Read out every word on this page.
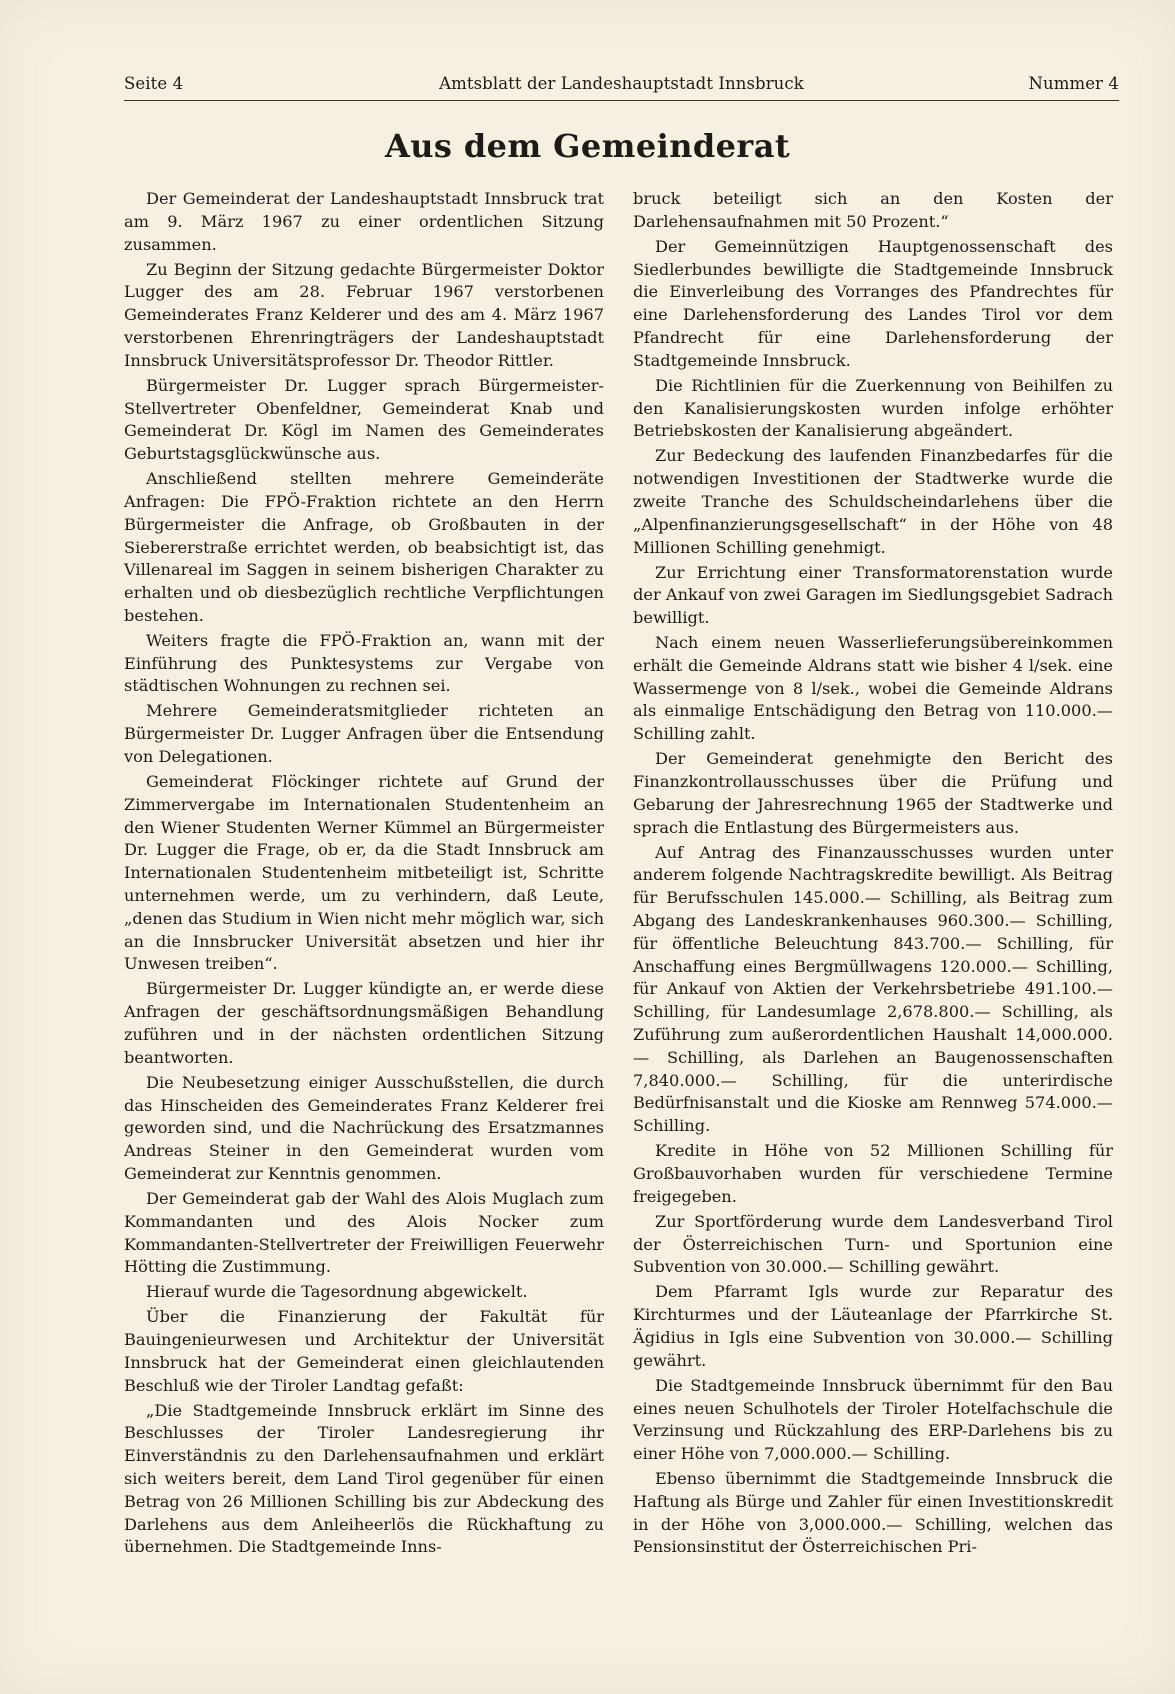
Seite 4	Amtsblatt der Landeshauptstadt Innsbruck	Nummer 4
Aus dem Gemeinderat

Der Gemeinderat der Landeshauptstadt Innsbruck trat am 9. März 1967 zu einer ordentlichen Sitzung zusammen.

Zu Beginn der Sitzung gedachte Bürgermeister Doktor Lugger des am 28. Februar 1967 verstorbenen Gemeinderates Franz Kelderer und des am 4. März 1967 verstorbenen Ehrenringträgers der Landeshauptstadt Innsbruck Universitätsprofessor Dr. Theodor Rittler.

Bürgermeister Dr. Lugger sprach Bürgermeister-Stellvertreter Obenfeldner, Gemeinderat Knab und Gemeinderat Dr. Kögl im Namen des Gemeinderates Geburtstagsglückwünsche aus.

Anschließend stellten mehrere Gemeinderäte Anfragen: Die FPÖ-Fraktion richtete an den Herrn Bürgermeister die Anfrage, ob Großbauten in der Siebererstraße errichtet werden, ob beabsichtigt ist, das Villenareal im Saggen in seinem bisherigen Charakter zu erhalten und ob diesbezüglich rechtliche Verpflichtungen bestehen.

Weiters fragte die FPÖ-Fraktion an, wann mit der Einführung des Punktesystems zur Vergabe von städtischen Wohnungen zu rechnen sei.

Mehrere Gemeinderatsmitglieder richteten an Bürgermeister Dr. Lugger Anfragen über die Entsendung von Delegationen.

Gemeinderat Flöckinger richtete auf Grund der Zimmervergabe im Internationalen Studentenheim an den Wiener Studenten Werner Kümmel an Bürgermeister Dr. Lugger die Frage, ob er, da die Stadt Innsbruck am Internationalen Studentenheim mitbeteiligt ist, Schritte unternehmen werde, um zu verhindern, daß Leute, „denen das Studium in Wien nicht mehr möglich war, sich an die Innsbrucker Universität absetzen und hier ihr Unwesen treiben“.

Bürgermeister Dr. Lugger kündigte an, er werde diese Anfragen der geschäftsordnungsmäßigen Behandlung zuführen und in der nächsten ordentlichen Sitzung beantworten.

Die Neubesetzung einiger Ausschußstellen, die durch das Hinscheiden des Gemeinderates Franz Kelderer frei geworden sind, und die Nachrückung des Ersatzmannes Andreas Steiner in den Gemeinderat wurden vom Gemeinderat zur Kenntnis genommen.

Der Gemeinderat gab der Wahl des Alois Muglach zum Kommandanten und des Alois Nocker zum Kommandanten-Stellvertreter der Freiwilligen Feuerwehr Hötting die Zustimmung.

Hierauf wurde die Tagesordnung abgewickelt.

Über die Finanzierung der Fakultät für Bauingenieurwesen und Architektur der Universität Innsbruck hat der Gemeinderat einen gleichlautenden Beschluß wie der Tiroler Landtag gefaßt:

„Die Stadtgemeinde Innsbruck erklärt im Sinne des Beschlusses der Tiroler Landesregierung ihr Einverständnis zu den Darlehensaufnahmen und erklärt sich weiters bereit, dem Land Tirol gegenüber für einen Betrag von 26 Millionen Schilling bis zur Abdeckung des Darlehens aus dem Anleiheerlös die Rückhaftung zu übernehmen. Die Stadtgemeinde Inns-

bruck beteiligt sich an den Kosten der Darlehensaufnahmen mit 50 Prozent.“

Der Gemeinnützigen Hauptgenossenschaft des Siedlerbundes bewilligte die Stadtgemeinde Innsbruck die Einverleibung des Vorranges des Pfandrechtes für eine Darlehensforderung des Landes Tirol vor dem Pfandrecht für eine Darlehensforderung der Stadtgemeinde Innsbruck.

Die Richtlinien für die Zuerkennung von Beihilfen zu den Kanalisierungskosten wurden infolge erhöhter Betriebskosten der Kanalisierung abgeändert.

Zur Bedeckung des laufenden Finanzbedarfes für die notwendigen Investitionen der Stadtwerke wurde die zweite Tranche des Schuldscheindarlehens über die „Alpenfinanzierungsgesellschaft“ in der Höhe von 48 Millionen Schilling genehmigt.

Zur Errichtung einer Transformatorenstation wurde der Ankauf von zwei Garagen im Siedlungsgebiet Sadrach bewilligt.

Nach einem neuen Wasserlieferungsübereinkommen erhält die Gemeinde Aldrans statt wie bisher 4 l/sek. eine Wassermenge von 8 l/sek., wobei die Gemeinde Aldrans als einmalige Entschädigung den Betrag von 110.000.— Schilling zahlt.

Der Gemeinderat genehmigte den Bericht des Finanzkontrollausschusses über die Prüfung und Gebarung der Jahresrechnung 1965 der Stadtwerke und sprach die Entlastung des Bürgermeisters aus.

Auf Antrag des Finanzausschusses wurden unter anderem folgende Nachtragskredite bewilligt. Als Beitrag für Berufsschulen 145.000.— Schilling, als Beitrag zum Abgang des Landeskrankenhauses 960.300.— Schilling, für öffentliche Beleuchtung 843.700.— Schilling, für Anschaffung eines Bergmüllwagens 120.000.— Schilling, für Ankauf von Aktien der Verkehrsbetriebe 491.100.— Schilling, für Landesumlage 2,678.800.— Schilling, als Zuführung zum außerordentlichen Haushalt 14,000.000.— Schilling, als Darlehen an Baugenossenschaften 7,840.000.— Schilling, für die unterirdische Bedürfnisanstalt und die Kioske am Rennweg 574.000.— Schilling.

Kredite in Höhe von 52 Millionen Schilling für Großbauvorhaben wurden für verschiedene Termine freigegeben.

Zur Sportförderung wurde dem Landesverband Tirol der Österreichischen Turn- und Sportunion eine Subvention von 30.000.— Schilling gewährt.

Dem Pfarramt Igls wurde zur Reparatur des Kirchturmes und der Läuteanlage der Pfarrkirche St. Ägidius in Igls eine Subvention von 30.000.— Schilling gewährt.

Die Stadtgemeinde Innsbruck übernimmt für den Bau eines neuen Schulhotels der Tiroler Hotelfachschule die Verzinsung und Rückzahlung des ERP-Darlehens bis zu einer Höhe von 7,000.000.— Schilling.

Ebenso übernimmt die Stadtgemeinde Innsbruck die Haftung als Bürge und Zahler für einen Investitionskredit in der Höhe von 3,000.000.— Schilling, welchen das Pensionsinstitut der Österreichischen Pri-
